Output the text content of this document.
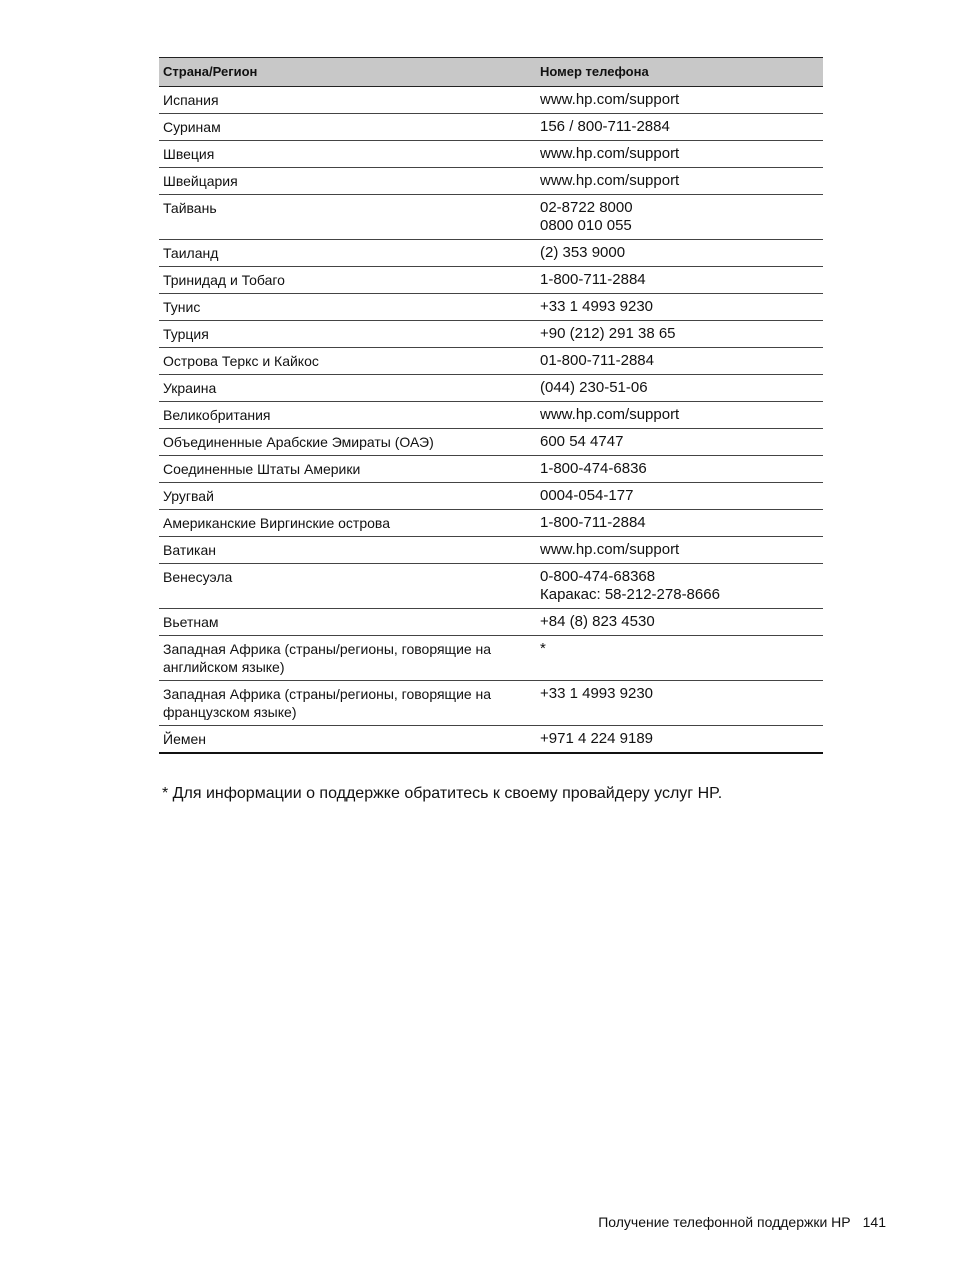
Страна/Регион	Номер телефона
Испания	www.hp.com/support

Суринам	156 / 800-711-2884

Швеция	www.hp.com/support

Швейцария	www.hp.com/support

Тайвань	02-8722 8000
0800 010 055

Таиланд	(2) 353 9000

Тринидад и Тобаго	1-800-711-2884

Тунис	+33 1 4993 9230

Турция	+90 (212) 291 38 65

Острова Теркс и Кайкос	01-800-711-2884

Украина	(044) 230-51-06

Великобритания	www.hp.com/support

Объединенные Арабские Эмираты (ОАЭ)	600 54 4747

Соединенные Штаты Америки	1-800-474-6836

Уругвай	0004-054-177

Американские Виргинские острова	1-800-711-2884

Ватикан	www.hp.com/support

Венесуэла	0-800-474-68368
Каракас: 58-212-278-8666

Вьетнам	+84 (8) 823 4530

Западная Африка (страны/регионы, говорящие на английском языке)	*

Западная Африка (страны/регионы, говорящие на французском языке)	+33 1 4993 9230

Йемен	+971 4 224 9189
* Для информации о поддержке обратитесь к своему провайдеру услуг HP.
Получение телефонной поддержки HP 141
